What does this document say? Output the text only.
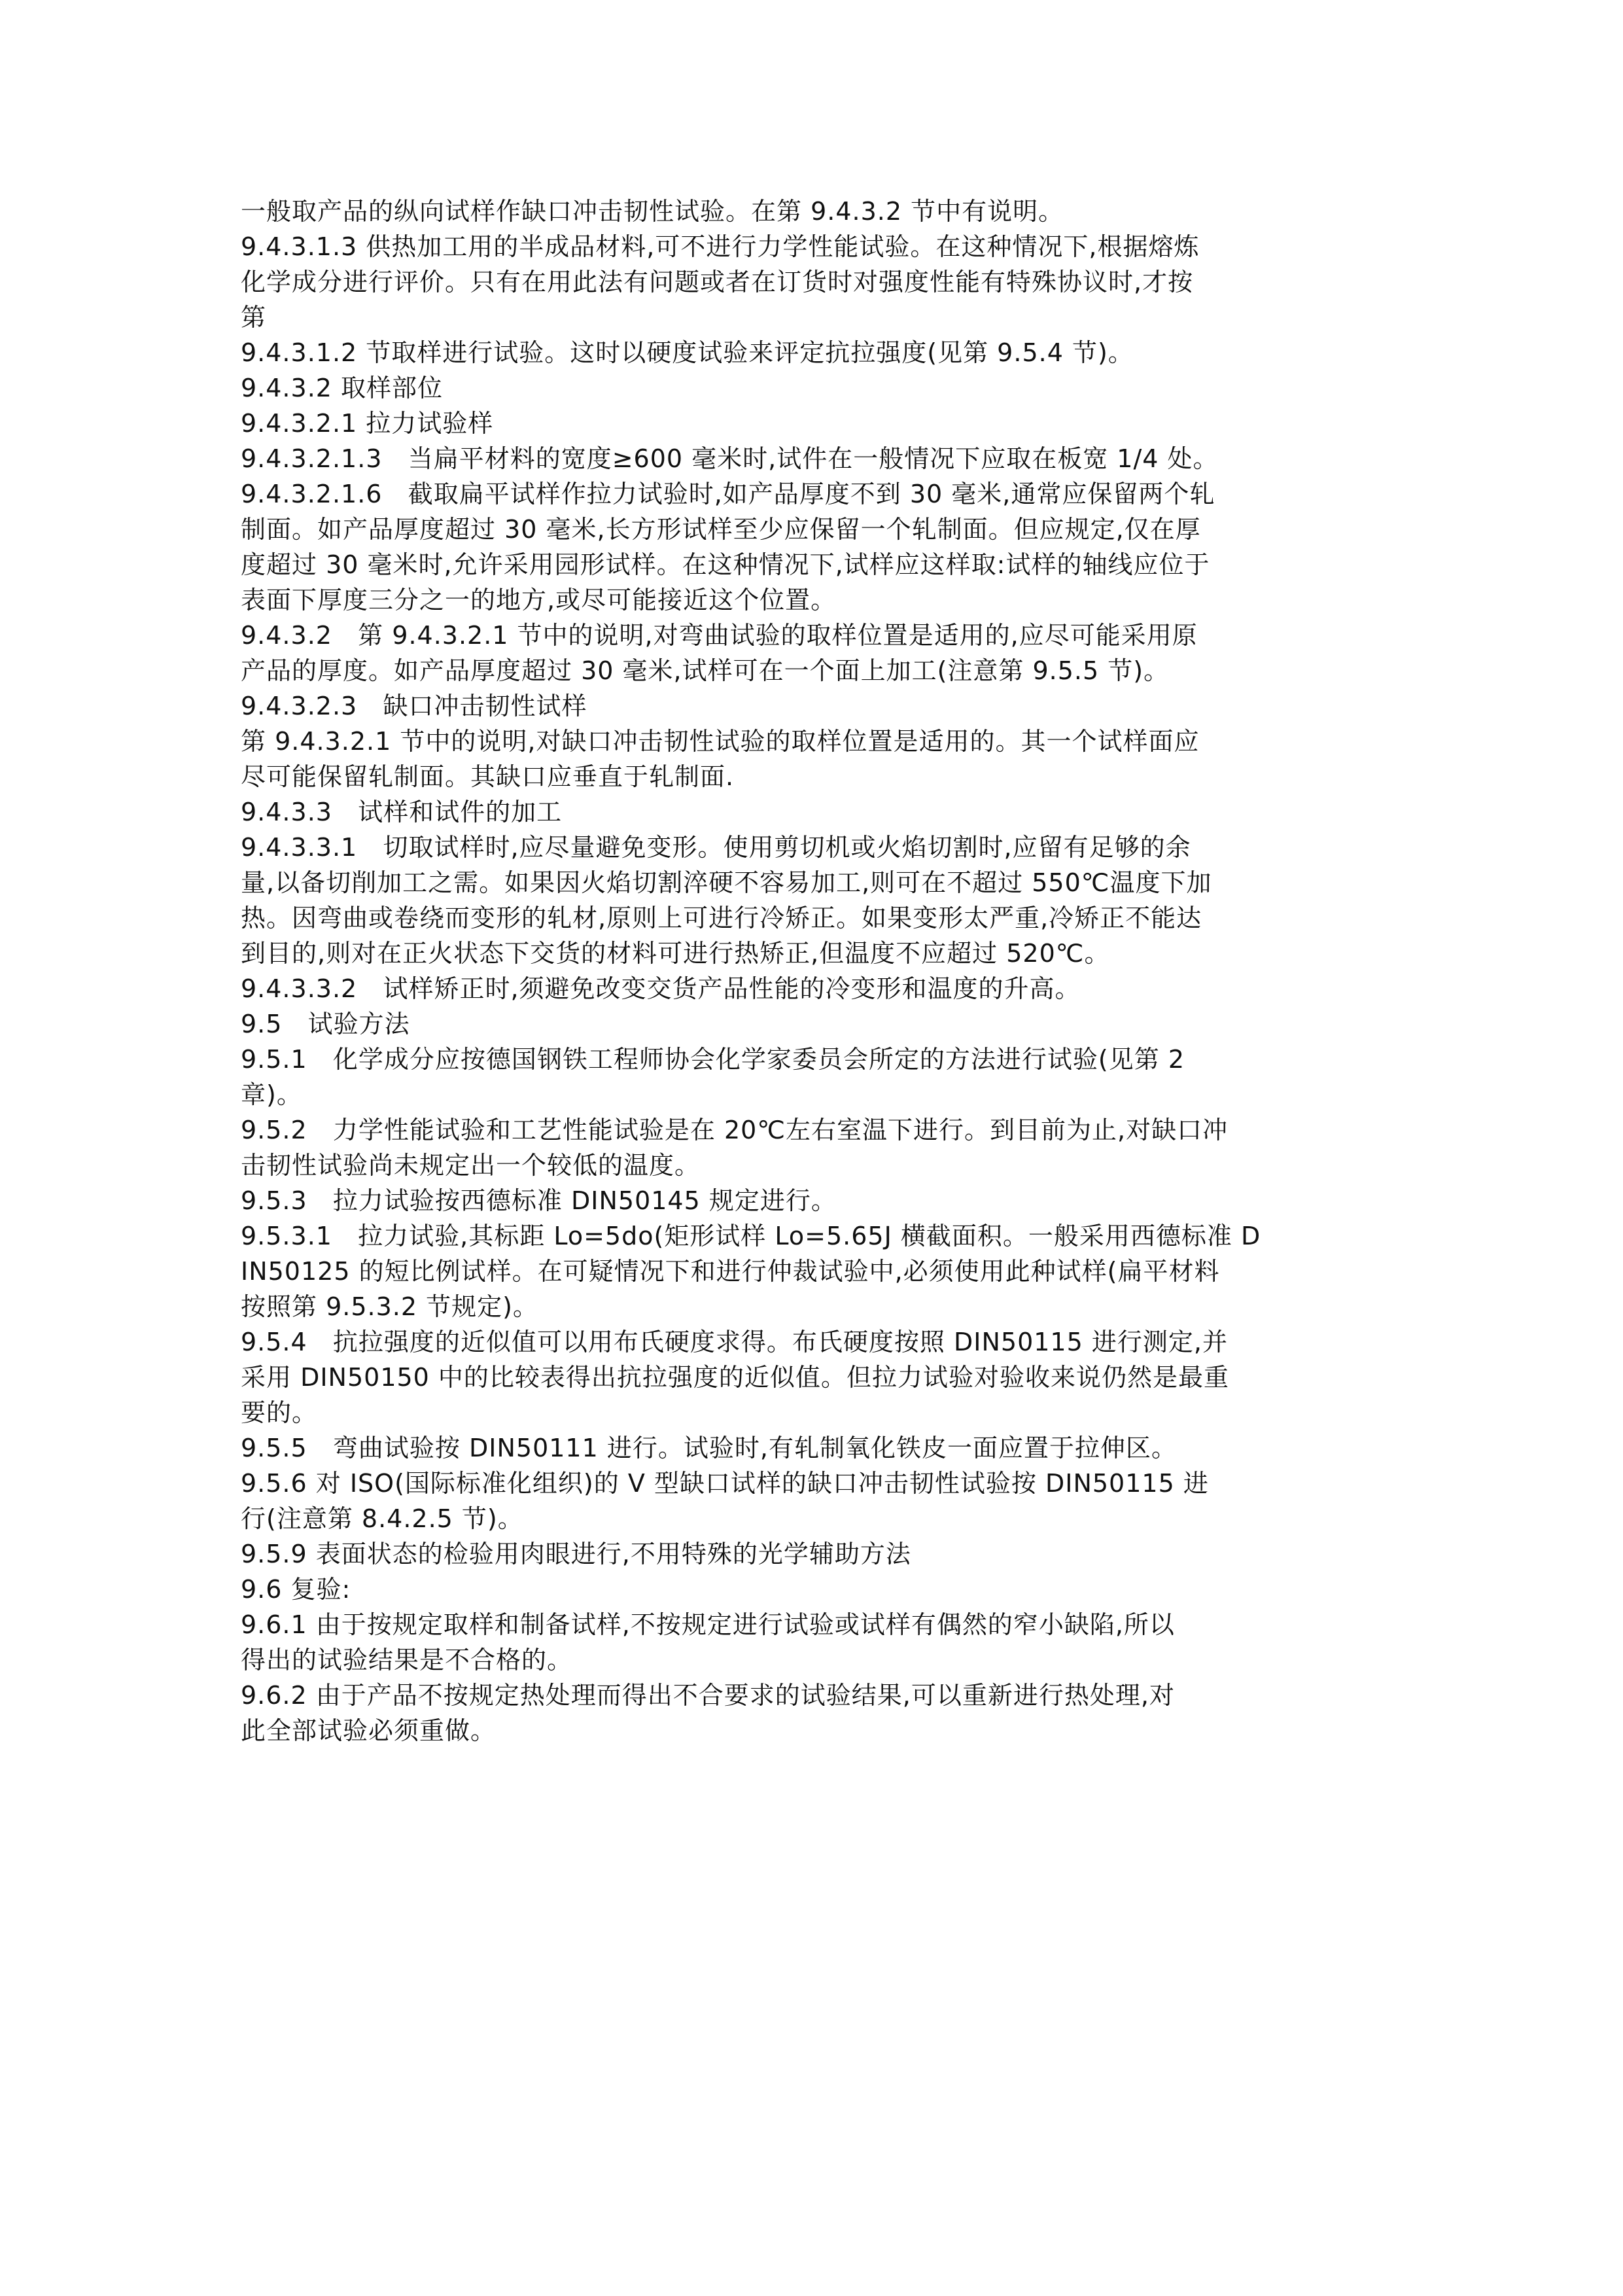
一般取产品的纵向试样作缺口冲击韧性试验。在第 9.4.3.2 节中有说明。
9.4.3.1.3 供热加工用的半成品材料,可不进行力学性能试验。在这种情况下,根据熔炼
化学成分进行评价。只有在用此法有问题或者在订货时对强度性能有特殊协议时,才按
第
9.4.3.1.2 节取样进行试验。这时以硬度试验来评定抗拉强度(见第 9.5.4 节)。
9.4.3.2 取样部位
9.4.3.2.1 拉力试验样
9.4.3.2.1.3   当扁平材料的宽度≥600 毫米时,试件在一般情况下应取在板宽 1/4 处。
9.4.3.2.1.6   截取扁平试样作拉力试验时,如产品厚度不到 30 毫米,通常应保留两个轧
制面。如产品厚度超过 30 毫米,长方形试样至少应保留一个轧制面。但应规定,仅在厚
度超过 30 毫米时,允许采用园形试样。在这种情况下,试样应这样取:试样的轴线应位于
表面下厚度三分之一的地方,或尽可能接近这个位置。
9.4.3.2   第 9.4.3.2.1 节中的说明,对弯曲试验的取样位置是适用的,应尽可能采用原
产品的厚度。如产品厚度超过 30 毫米,试样可在一个面上加工(注意第 9.5.5 节)。
9.4.3.2.3   缺口冲击韧性试样
第 9.4.3.2.1 节中的说明,对缺口冲击韧性试验的取样位置是适用的。其一个试样面应
尽可能保留轧制面。其缺口应垂直于轧制面.
9.4.3.3   试样和试件的加工
9.4.3.3.1   切取试样时,应尽量避免变形。使用剪切机或火焰切割时,应留有足够的余
量,以备切削加工之需。如果因火焰切割淬硬不容易加工,则可在不超过 550℃温度下加
热。因弯曲或卷绕而变形的轧材,原则上可进行冷矫正。如果变形太严重,冷矫正不能达
到目的,则对在正火状态下交货的材料可进行热矫正,但温度不应超过 520℃。
9.4.3.3.2   试样矫正时,须避免改变交货产品性能的冷变形和温度的升高。
9.5   试验方法
9.5.1   化学成分应按德国钢铁工程师协会化学家委员会所定的方法进行试验(见第 2
章)。
9.5.2   力学性能试验和工艺性能试验是在 20℃左右室温下进行。到目前为止,对缺口冲
击韧性试验尚未规定出一个较低的温度。
9.5.3   拉力试验按西德标准 DIN50145 规定进行。
9.5.3.1   拉力试验,其标距 Lo=5do(矩形试样 Lo=5.65J 横截面积。一般采用西德标准 D
IN50125 的短比例试样。在可疑情况下和进行仲裁试验中,必须使用此种试样(扁平材料
按照第 9.5.3.2 节规定)。
9.5.4   抗拉强度的近似值可以用布氏硬度求得。布氏硬度按照 DIN50115 进行测定,并
采用 DIN50150 中的比较表得出抗拉强度的近似值。但拉力试验对验收来说仍然是最重
要的。
9.5.5   弯曲试验按 DIN50111 进行。试验时,有轧制氧化铁皮一面应置于拉伸区。
9.5.6 对 ISO(国际标准化组织)的 V 型缺口试样的缺口冲击韧性试验按 DIN50115 进
行(注意第 8.4.2.5 节)。
9.5.9 表面状态的检验用肉眼进行,不用特殊的光学辅助方法
9.6 复验:
9.6.1 由于按规定取样和制备试样,不按规定进行试验或试样有偶然的窄小缺陷,所以
得出的试验结果是不合格的。
9.6.2 由于产品不按规定热处理而得出不合要求的试验结果,可以重新进行热处理,对
此全部试验必须重做。
